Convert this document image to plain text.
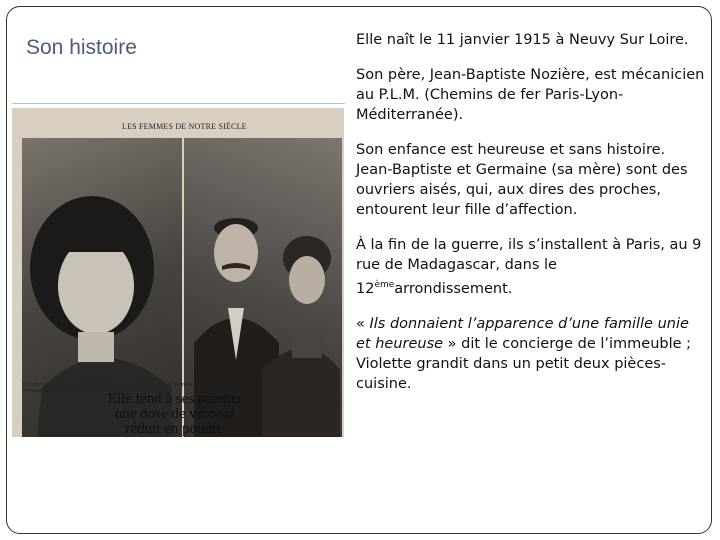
Son histoire
LES FEMMES DE NOTRE SIÈCLE
Violette à l'époque où, jeune fille encore sage, elle connaissait, sa mère lyonnaise et Baptiste, le père et ses parents, Baptiste et Germaine.	Elle tend à ses parents une dose de véronal réduit en poudre

Elle naît le 11 janvier 1915 à Neuvy Sur Loire.

Son père, Jean-Baptiste Nozière, est mécanicien au P.L.M. (Chemins de fer Paris-Lyon-Méditerranée).

Son enfance est heureuse et sans histoire. Jean-Baptiste et Germaine (sa mère) sont des ouvriers aisés, qui, aux dires des proches, entourent leur fille d’affection.

À la fin de la guerre, ils s’installent à Paris, au 9 rue de Madagascar, dans le 12èmearrondissement.

« Ils donnaient l’apparence d’une famille unie et heureuse » dit le concierge de l’immeuble ; Violette grandit dans un petit deux pièces-cuisine.
